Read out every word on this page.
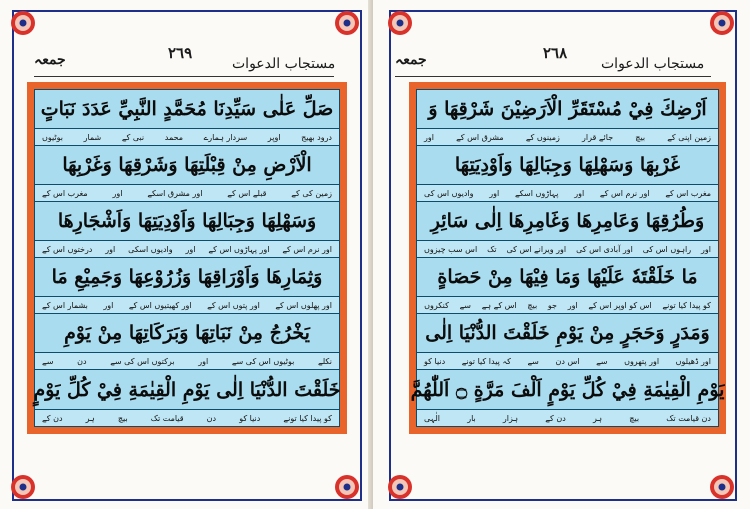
جمعہ	٢٦٩
مستجاب الدعوات
صَلِّ عَلٰى سَيِّدِنَا مُحَمَّدٍ النَّبِيِّ عَدَدَ نَبَاتٍ
درود بھیج
اوپر
سردار ہمارے
محمد
نبی کے
شمار
بوٹیوں
الْاَرْضِ مِنْ قِبْلَتِهَا وَشَرْقِهَا وَغَرْبِهَا
زمین کی کے
قبلے اس کے
اور مشرق اسکے
اور
مغرب اس کے
وَسَهْلِهَا وَجِبَالِهَا وَاَوْدِيَتِهَا وَاَشْجَارِهَا
اور نرم اس کے
اور پہاڑوں اس کے
اور
وادیوں اسکی
اور
درختوں اس کے
وَثِمَارِهَا وَاَوْرَاقِهَا وَزُرُوْعِهَا وَجَمِيْعِ مَا
اور پھلوں اس کے
اور پتوں اس کے
اور کھیتیوں اس کے
اور
بشمار اس کے
يَخْرُجُ مِنْ نَبَاتِهَا وَبَرَكَاتِهَا مِنْ يَوْمِ
نکلے
بوٹیوں اس کی سے
اور
برکتوں اس کی سے
دن
سے
خَلَقْتَ الدُّنْيَا اِلٰى يَوْمِ الْقِيٰمَةِ فِيْ كُلِّ يَوْمٍ
کو پیدا کیا تونے
دنیا کو
دن
قیامت تک
بیچ
ہر
دن کے
جمعہ	٢٦٨
مستجاب الدعوات
اَرْضِكَ فِيْ مُسْتَقَرِّ الْاَرَضِيْنَ شَرْقِهَا وَ
زمین اپنی کے
بیچ
جائے قرار
زمینوں کے
مشرق اس کے
اور
غَرْبِهَا وَسَهْلِهَا وَجِبَالِهَا وَاَوْدِيَتِهَا
مغرب اس کے
اور نرم اس کے
اور
پہاڑوں اسکے
اور
وادیوں اس کی
وَطُرُقِهَا وَعَامِرِهَا وَغَامِرِهَا اِلٰى سَائِرِ
اور
راہوں اس کی
اور آبادی اس کی
اور ویرانے اس کی
تک
اس سب چیزوں
مَا خَلَقْتَهٗ عَلَيْهَا وَمَا فِيْهَا مِنْ حَصَاةٍ
کو پیدا کیا تونے
اس کو اوپر اس کے
اور
جو
بیچ
اس کے ہے
سے
کنکروں
وَمَدَرٍ وَحَجَرٍ مِنْ يَوْمِ خَلَقْتَ الدُّنْيَا اِلٰى
اور ڈھیلوں
اور پتھروں
سے
اس دن
سے
کہ پیدا کیا تونے
دنیا کو
يَوْمِ الْقِيٰمَةِ فِيْ كُلِّ يَوْمٍ اَلْفَ مَرَّةٍ ۝ اَللّٰهُمَّ
دن قیامت تک
بیچ
ہر
دن کے
ہزار
بار
الٰہی
